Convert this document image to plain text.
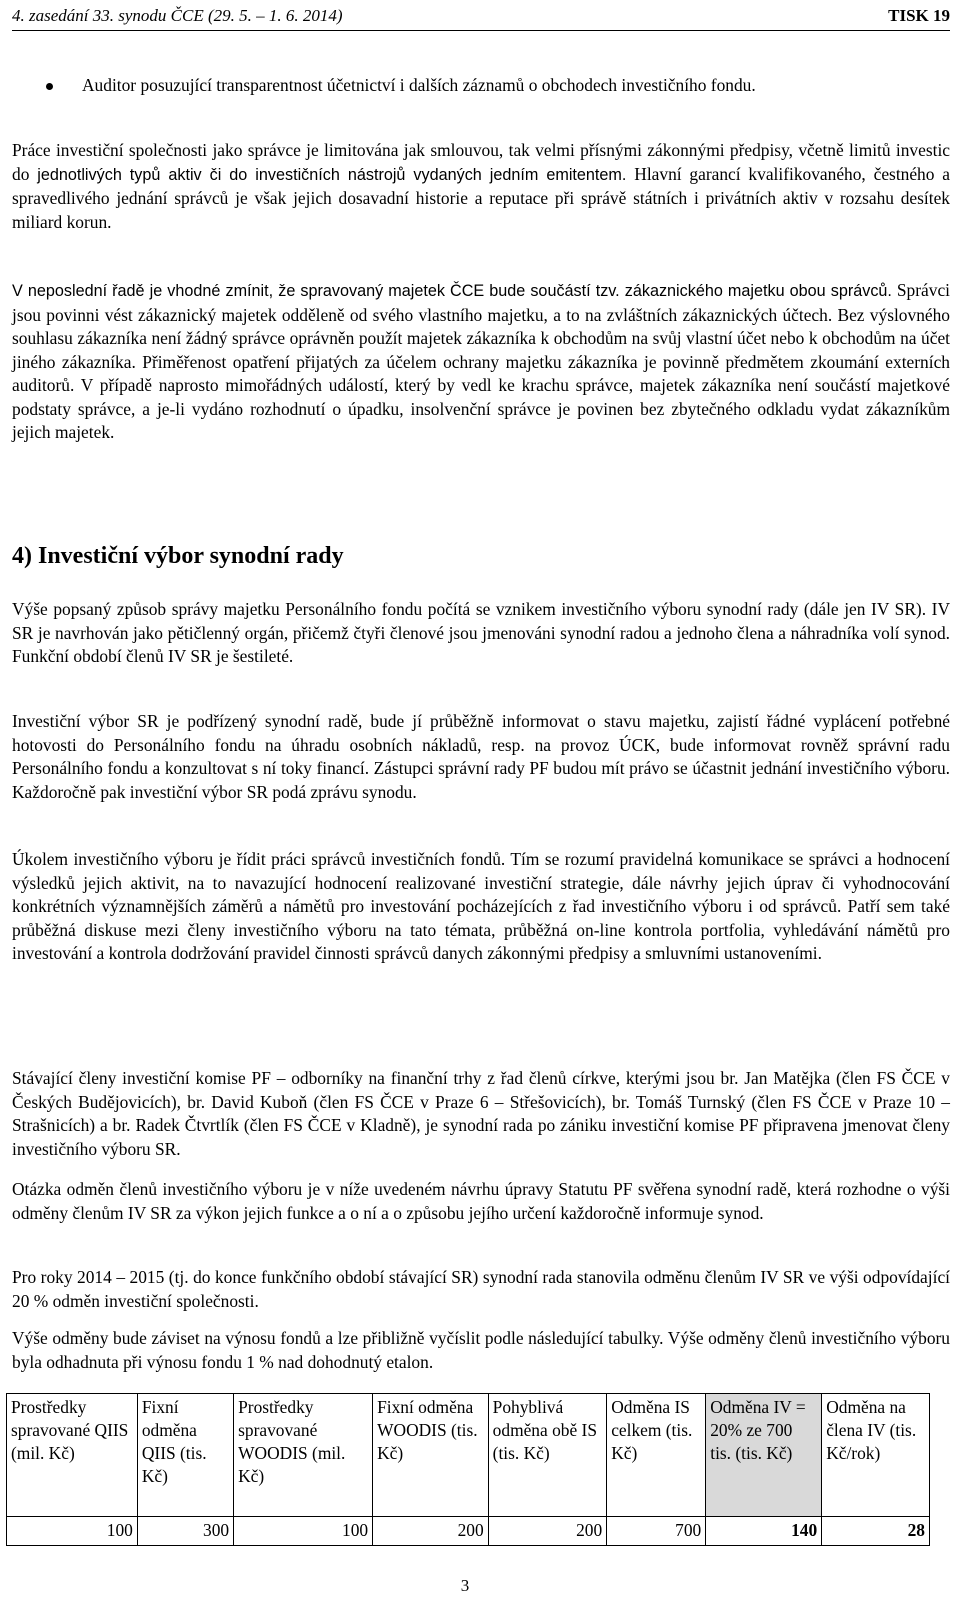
4. zasedání 33. synodu ČCE (29. 5. – 1. 6. 2014)	TISK 19
Auditor posuzující transparentnost účetnictví i dalších záznamů o obchodech investičního fondu.

Práce investiční společnosti jako správce je limitována jak smlouvou, tak velmi přísnými zákonnými předpisy, včetně limitů investic do jednotlivých typů aktiv či do investičních nástrojů vydaných jedním emitentem. Hlavní garancí kvalifikovaného, čestného a spravedlivého jednání správců je však jejich dosavadní historie a reputace při správě státních i privátních aktiv v rozsahu desítek miliard korun.

V neposlední řadě je vhodné zmínit, že spravovaný majetek ČCE bude součástí tzv. zákaznického majetku obou správců. Správci jsou povinni vést zákaznický majetek odděleně od svého vlastního majetku, a to na zvláštních zákaznických účtech. Bez výslovného souhlasu zákazníka není žádný správce oprávněn použít majetek zákazníka k obchodům na svůj vlastní účet nebo k obchodům na účet jiného zákazníka. Přiměřenost opatření přijatých za účelem ochrany majetku zákazníka je povinně předmětem zkoumání externích auditorů. V případě naprosto mimořádných událostí, který by vedl ke krachu správce, majetek zákazníka není součástí majetkové podstaty správce, a je-li vydáno rozhodnutí o úpadku, insolvenční správce je povinen bez zbytečného odkladu vydat zákazníkům jejich majetek.

4) Investiční výbor synodní rady

Výše popsaný způsob správy majetku Personálního fondu počítá se vznikem investičního výboru synodní rady (dále jen IV SR). IV SR je navrhován jako pětičlenný orgán, přičemž čtyři členové jsou jmenováni synodní radou a jednoho člena a náhradníka volí synod. Funkční období členů IV SR je šestileté.

Investiční výbor SR je podřízený synodní radě, bude jí průběžně informovat o stavu majetku, zajistí řádné vyplácení potřebné hotovosti do Personálního fondu na úhradu osobních nákladů, resp. na provoz ÚCK, bude informovat rovněž správní radu Personálního fondu a konzultovat s ní toky financí. Zástupci správní rady PF budou mít právo se účastnit jednání investičního výboru. Každoročně pak investiční výbor SR podá zprávu synodu.

Úkolem investičního výboru je řídit práci správců investičních fondů. Tím se rozumí pravidelná komunikace se správci a hodnocení výsledků jejich aktivit, na to navazující hodnocení realizované investiční strategie, dále návrhy jejich úprav či vyhodnocování konkrétních významnějších záměrů a námětů pro investování pocházejících z řad investičního výboru i od správců. Patří sem také průběžná diskuse mezi členy investičního výboru na tato témata, průběžná on-line kontrola portfolia, vyhledávání námětů pro investování a kontrola dodržování pravidel činnosti správců danych zákonnými předpisy a smluvními ustanoveními.

Stávající členy investiční komise PF – odborníky na finanční trhy z řad členů církve, kterými jsou br. Jan Matějka (člen FS ČCE v Českých Budějovicích), br. David Kuboň (člen FS ČCE v Praze 6 – Střešovicích), br. Tomáš Turnský (člen FS ČCE v Praze 10 – Strašnicích) a br. Radek Čtvrtlík (člen FS ČCE v Kladně), je synodní rada po zániku investiční komise PF připravena jmenovat členy investičního výboru SR.

Otázka odměn členů investičního výboru je v níže uvedeném návrhu úpravy Statutu PF svěřena synodní radě, která rozhodne o výši odměny členům IV SR za výkon jejich funkce a o ní a o způsobu jejího určení každoročně informuje synod.

Pro roky 2014 – 2015 (tj. do konce funkčního období stávající SR) synodní rada stanovila odměnu členům IV SR ve výši odpovídající 20 % odměn investiční společnosti.

Výše odměny bude záviset na výnosu fondů a lze přibližně vyčíslit podle následující tabulky. Výše odměny členů investičního výboru byla odhadnuta při výnosu fondu 1 % nad dohodnutý etalon.

Prostředky spravované QIIS (mil. Kč)	Fixní odměna QIIS (tis. Kč)	Prostředky spravované WOODIS (mil. Kč)	Fixní odměna WOODIS (tis. Kč)	Pohyblivá odměna obě IS (tis. Kč)	Odměna IS celkem (tis. Kč)	Odměna IV = 20% ze 700 tis. (tis. Kč)	Odměna na člena IV (tis. Kč/rok)
100	300	100	200	200	700	140	28
3
